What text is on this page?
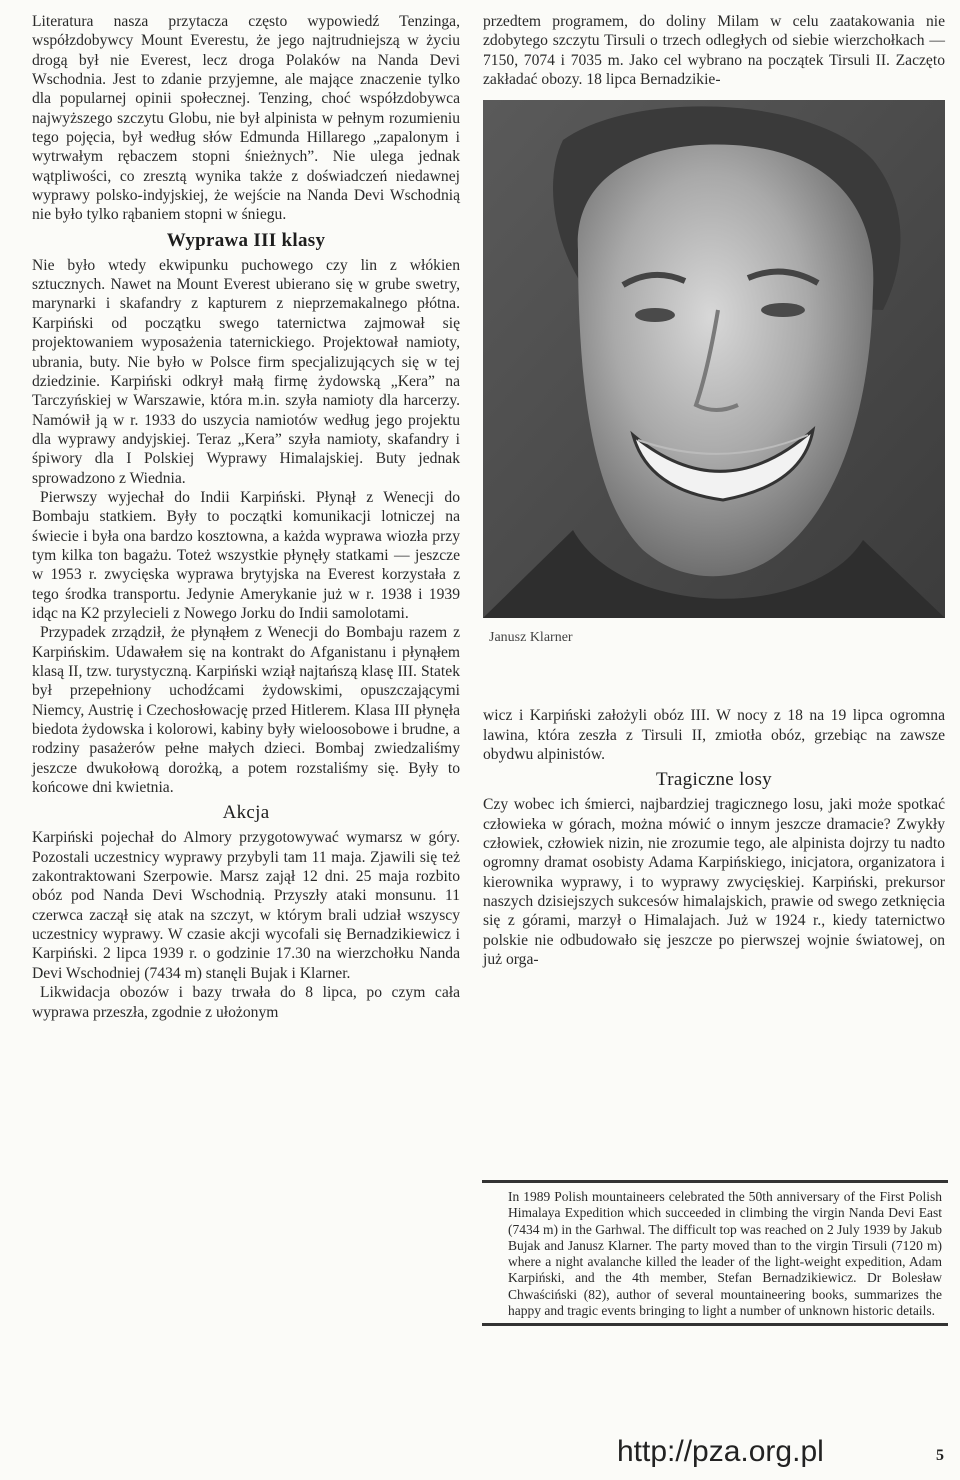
Literatura nasza przytacza często wypowiedź Tenzinga, współzdobywcy Mount Everestu, że jego najtrudniejszą w życiu drogą był nie Everest, lecz droga Polaków na Nanda Devi Wschodnia. Jest to zdanie przyjemne, ale mające znaczenie tylko dla popularnej opinii społecznej. Tenzing, choć współzdobywca najwyższego szczytu Globu, nie był alpinista w pełnym rozumieniu tego pojęcia, był według słów Edmunda Hillarego „zapalonym i wytrwałym rębaczem stopni śnieżnych”. Nie ulega jednak wątpliwości, co zresztą wynika także z doświadczeń niedawnej wyprawy polsko-indyjskiej, że wejście na Nanda Devi Wschodnią nie było tylko rąbaniem stopni w śniegu.

Wyprawa III klasy

Nie było wtedy ekwipunku puchowego czy lin z włókien sztucznych. Nawet na Mount Everest ubierano się w grube swetry, marynarki i skafandry z kapturem z nieprzemakalnego płótna. Karpiński od początku swego taternictwa zajmował się projektowaniem wyposażenia taternickiego. Projektował namioty, ubrania, buty. Nie było w Polsce firm specjalizujących się w tej dziedzinie. Karpiński odkrył małą firmę żydowską „Kera” na Tarczyńskiej w Warszawie, która m.in. szyła namioty dla harcerzy. Namówił ją w r. 1933 do uszycia namiotów według jego projektu dla wyprawy andyjskiej. Teraz „Kera” szyła namioty, skafandry i śpiwory dla I Polskiej Wyprawy Himalajskiej. Buty jednak sprowadzono z Wiednia.

Pierwszy wyjechał do Indii Karpiński. Płynął z Wenecji do Bombaju statkiem. Były to początki komunikacji lotniczej na świecie i była ona bardzo kosztowna, a każda wyprawa wiozła przy tym kilka ton bagażu. Toteż wszystkie płynęły statkami — jeszcze w 1953 r. zwycięska wyprawa brytyjska na Everest korzystała z tego środka transportu. Jedynie Amerykanie już w r. 1938 i 1939 idąc na K2 przylecieli z Nowego Jorku do Indii samolotami.

Przypadek zrządził, że płynąłem z Wenecji do Bombaju razem z Karpińskim. Udawałem się na kontrakt do Afganistanu i płynąłem klasą II, tzw. turystyczną. Karpiński wziął najtańszą klasę III. Statek był przepełniony uchodźcami żydowskimi, opuszczającymi Niemcy, Austrię i Czechosłowację przed Hitlerem. Klasa III płynęła biedota żydowska i kolorowi, kabiny były wieloosobowe i brudne, a rodziny pasażerów pełne małych dzieci. Bombaj zwiedzaliśmy jeszcze dwukołową dorożką, a potem rozstaliśmy się. Były to końcowe dni kwietnia.

Akcja

Karpiński pojechał do Almory przygotowywać wymarsz w góry. Pozostali uczestnicy wyprawy przybyli tam 11 maja. Zjawili się też zakontraktowani Szerpowie. Marsz zajął 12 dni. 25 maja rozbito obóz pod Nanda Devi Wschodnią. Przyszły ataki monsunu. 11 czerwca zaczął się atak na szczyt, w którym brali udział wszyscy uczestnicy wyprawy. W czasie akcji wycofali się Bernadzikiewicz i Karpiński. 2 lipca 1939 r. o godzinie 17.30 na wierzchołku Nanda Devi Wschodniej (7434 m) stanęli Bujak i Klarner.

Likwidacja obozów i bazy trwała do 8 lipca, po czym cała wyprawa przeszła, zgodnie z ułożonym

przedtem programem, do doliny Milam w celu zaatakowania nie zdobytego szczytu Tirsuli o trzech odległych od siebie wierzchołkach — 7150, 7074 i 7035 m. Jako cel wybrano na początek Tirsuli II. Zaczęto zakładać obozy. 18 lipca Bernadzikie-

Janusz Klarner

wicz i Karpiński założyli obóz III. W nocy z 18 na 19 lipca ogromna lawina, która zeszła z Tirsuli II, zmiotła obóz, grzebiąc na zawsze obydwu alpinistów.

Tragiczne losy

Czy wobec ich śmierci, najbardziej tragicznego losu, jaki może spotkać człowieka w górach, można mówić o innym jeszcze dramacie? Zwykły człowiek, człowiek nizin, nie zrozumie tego, ale alpinista dojrzy tu nadto ogromny dramat osobisty Adama Karpińskiego, inicjatora, organizatora i kierownika wyprawy, i to wyprawy zwycięskiej. Karpiński, prekursor naszych dzisiejszych sukcesów himalajskich, prawie od swego zetknięcia się z górami, marzył o Himalajach. Już w 1924 r., kiedy taternictwo polskie nie odbudowało się jeszcze po pierwszej wojnie światowej, on już orga-

In 1989 Polish mountaineers celebrated the 50th anniversary of the First Polish Himalaya Expedition which succeeded in climbing the virgin Nanda Devi East (7434 m) in the Garhwal. The difficult top was reached on 2 July 1939 by Jakub Bujak and Janusz Klarner. The party moved than to the virgin Tirsuli (7120 m) where a night avalanche killed the leader of the light-weight expedition, Adam Karpiński, and the 4th member, Stefan Bernadzikiewicz. Dr Bolesław Chwaściński (82), author of several mountaineering books, summarizes the happy and tragic events bringing to light a number of unknown historic details.

http://pza.org.pl	5
